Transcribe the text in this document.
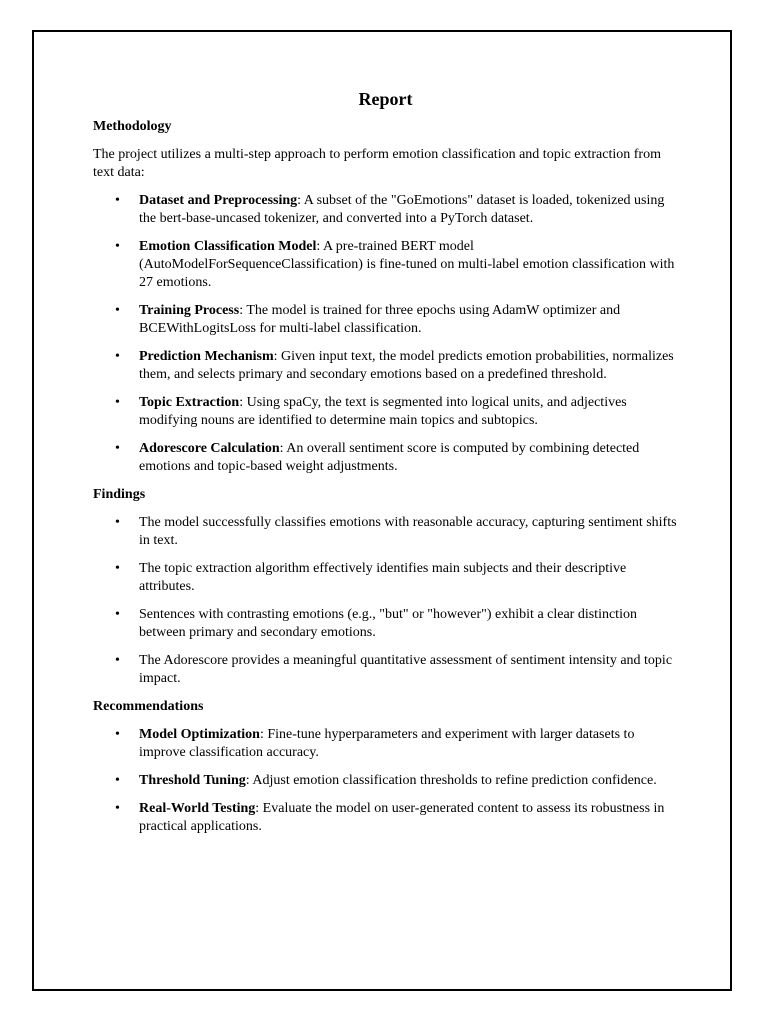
Report
Methodology
The project utilizes a multi-step approach to perform emotion classification and topic extraction from text data:
• Dataset and Preprocessing: A subset of the "GoEmotions" dataset is loaded, tokenized using the bert-base-uncased tokenizer, and converted into a PyTorch dataset.
• Emotion Classification Model: A pre-trained BERT model (AutoModelForSequenceClassification) is fine-tuned on multi-label emotion classification with 27 emotions.
• Training Process: The model is trained for three epochs using AdamW optimizer and BCEWithLogitsLoss for multi-label classification.
• Prediction Mechanism: Given input text, the model predicts emotion probabilities, normalizes them, and selects primary and secondary emotions based on a predefined threshold.
• Topic Extraction: Using spaCy, the text is segmented into logical units, and adjectives modifying nouns are identified to determine main topics and subtopics.
• Adorescore Calculation: An overall sentiment score is computed by combining detected emotions and topic-based weight adjustments.
Findings
• The model successfully classifies emotions with reasonable accuracy, capturing sentiment shifts in text.
• The topic extraction algorithm effectively identifies main subjects and their descriptive attributes.
• Sentences with contrasting emotions (e.g., "but" or "however") exhibit a clear distinction between primary and secondary emotions.
• The Adorescore provides a meaningful quantitative assessment of sentiment intensity and topic impact.
Recommendations
• Model Optimization: Fine-tune hyperparameters and experiment with larger datasets to improve classification accuracy.
• Threshold Tuning: Adjust emotion classification thresholds to refine prediction confidence.
• Real-World Testing: Evaluate the model on user-generated content to assess its robustness in practical applications.
